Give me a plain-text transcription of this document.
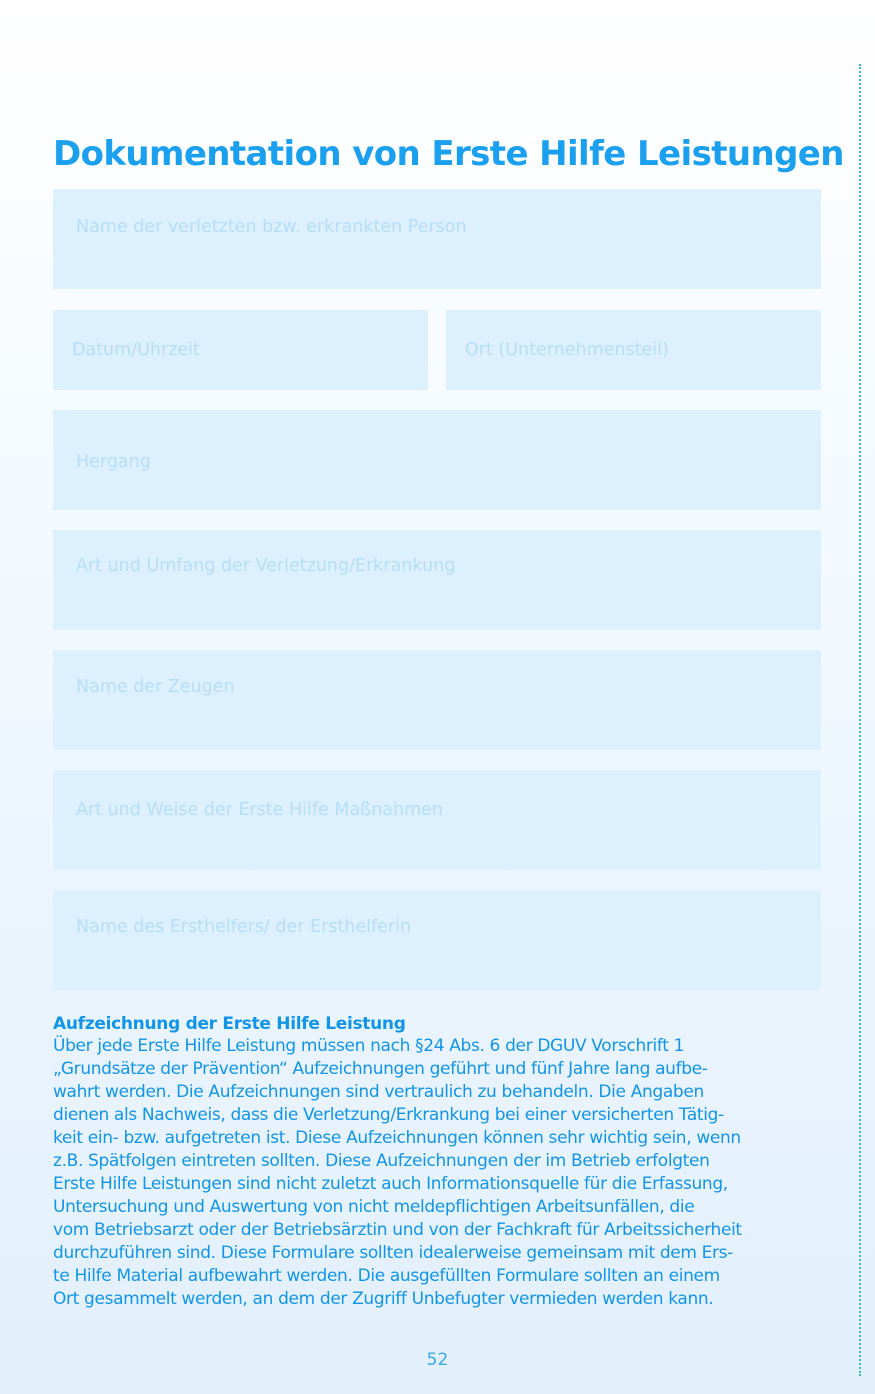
Dokumentation von Erste Hilfe Leistungen
Name der verletzten bzw. erkrankten Person
Datum/Uhrzeit	Ort (Unternehmensteil)
Hergang
Art und Umfang der Verletzung/Erkrankung
Name der Zeugen
Art und Weise der Erste Hilfe Maßnahmen
Name des Ersthelfers/ der Ersthelferin

Aufzeichnung der Erste Hilfe Leistung

Über jede Erste Hilfe Leistung müssen nach §24 Abs. 6 der DGUV Vorschrift 1

„Grundsätze der Prävention“ Aufzeichnungen geführt und fünf Jahre lang aufbe-

wahrt werden. Die Aufzeichnungen sind vertraulich zu behandeln. Die Angaben

dienen als Nachweis, dass die Verletzung/Erkrankung bei einer versicherten Tätig-

keit ein- bzw. aufgetreten ist. Diese Aufzeichnungen können sehr wichtig sein, wenn

z.B. Spätfolgen eintreten sollten. Diese Aufzeichnungen der im Betrieb erfolgten

Erste Hilfe Leistungen sind nicht zuletzt auch Informationsquelle für die Erfassung,

Untersuchung und Auswertung von nicht meldepflichtigen Arbeitsunfällen, die

vom Betriebsarzt oder der Betriebsärztin und von der Fachkraft für Arbeitssicherheit

durchzuführen sind. Diese Formulare sollten idealerweise gemeinsam mit dem Ers-

te Hilfe Material aufbewahrt werden. Die ausgefüllten Formulare sollten an einem

Ort gesammelt werden, an dem der Zugriff Unbefugter vermieden werden kann.

52
